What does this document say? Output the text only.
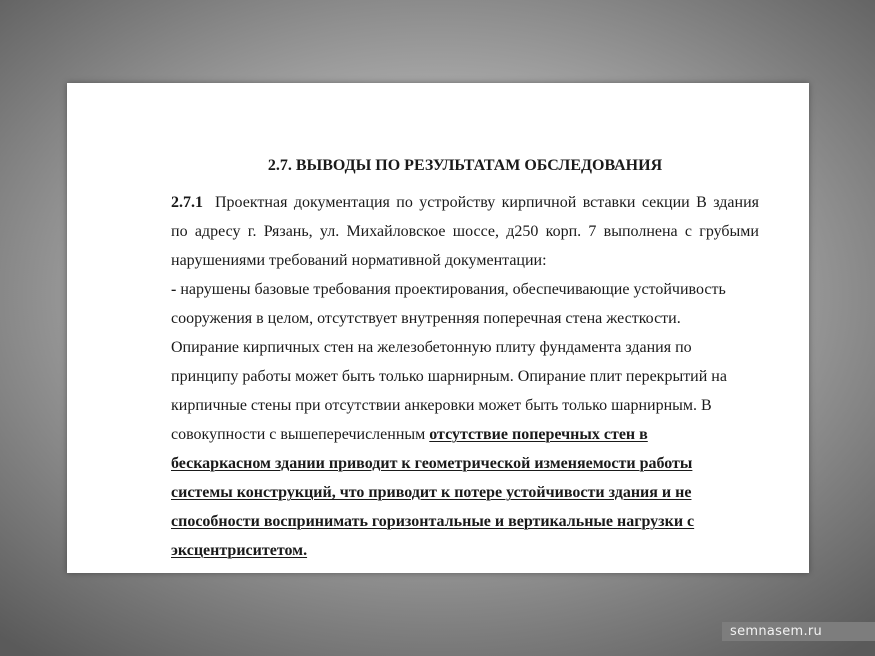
2.7. ВЫВОДЫ ПО РЕЗУЛЬТАТАМ ОБСЛЕДОВАНИЯ
2.7.1 Проектная документация по устройству кирпичной вставки секции В здания
по адресу г. Рязань, ул. Михайловское шоссе, д250 корп. 7 выполнена с грубыми
нарушениями требований нормативной документации:
- нарушены базовые требования проектирования, обеспечивающие устойчивость
сооружения в целом, отсутствует внутренняя поперечная стена жесткости.
Опирание кирпичных стен на железобетонную плиту фундамента здания по
принципу работы может быть только шарнирным. Опирание плит перекрытий на
кирпичные стены при отсутствии анкеровки может быть только шарнирным. В
совокупности с вышеперечисленным отсутствие поперечных стен в
бескаркасном здании приводит к геометрической изменяемости работы
системы конструкций, что приводит к потере устойчивости здания и не
способности воспринимать горизонтальные и вертикальные нагрузки с
эксцентриситетом.
semnasem.ru
